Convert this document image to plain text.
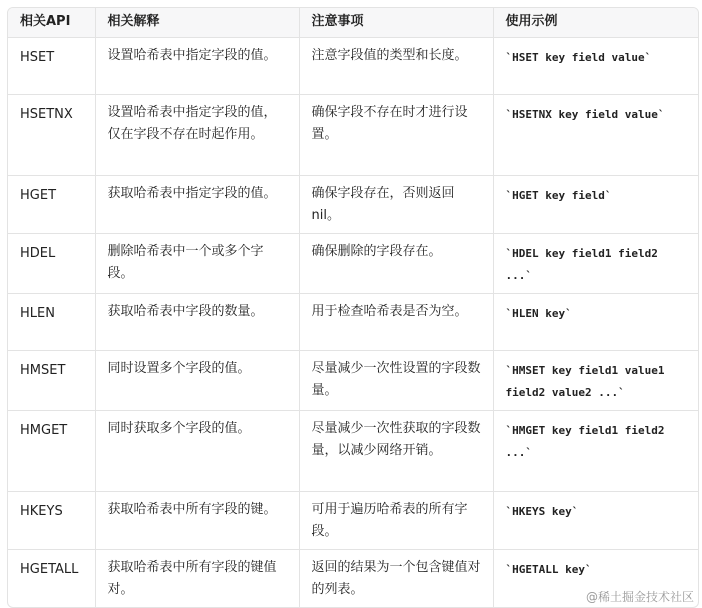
相关API	相关解释	注意事项	使用示例
HSET	设置哈希表中指定字段的值。	注意字段值的类型和长度。	`HSET key field value`
HSETNX	设置哈希表中指定字段的值，仅在字段不存在时起作用。	确保字段不存在时才进行设置。	`HSETNX key field value`
HGET	获取哈希表中指定字段的值。	确保字段存在，否则返回nil。	`HGET key field`
HDEL	删除哈希表中一个或多个字段。	确保删除的字段存在。	`HDEL key field1 field2 ...`
HLEN	获取哈希表中字段的数量。	用于检查哈希表是否为空。	`HLEN key`
HMSET	同时设置多个字段的值。	尽量减少一次性设置的字段数量。	`HMSET key field1 value1 field2 value2 ...`
HMGET	同时获取多个字段的值。	尽量减少一次性获取的字段数量，以减少网络开销。	`HMGET key field1 field2 ...`
HKEYS	获取哈希表中所有字段的键。	可用于遍历哈希表的所有字段。	`HKEYS key`
HGETALL	获取哈希表中所有字段的键值对。	返回的结果为一个包含键值对的列表。	`HGETALL key`
@稀土掘金技术社区
